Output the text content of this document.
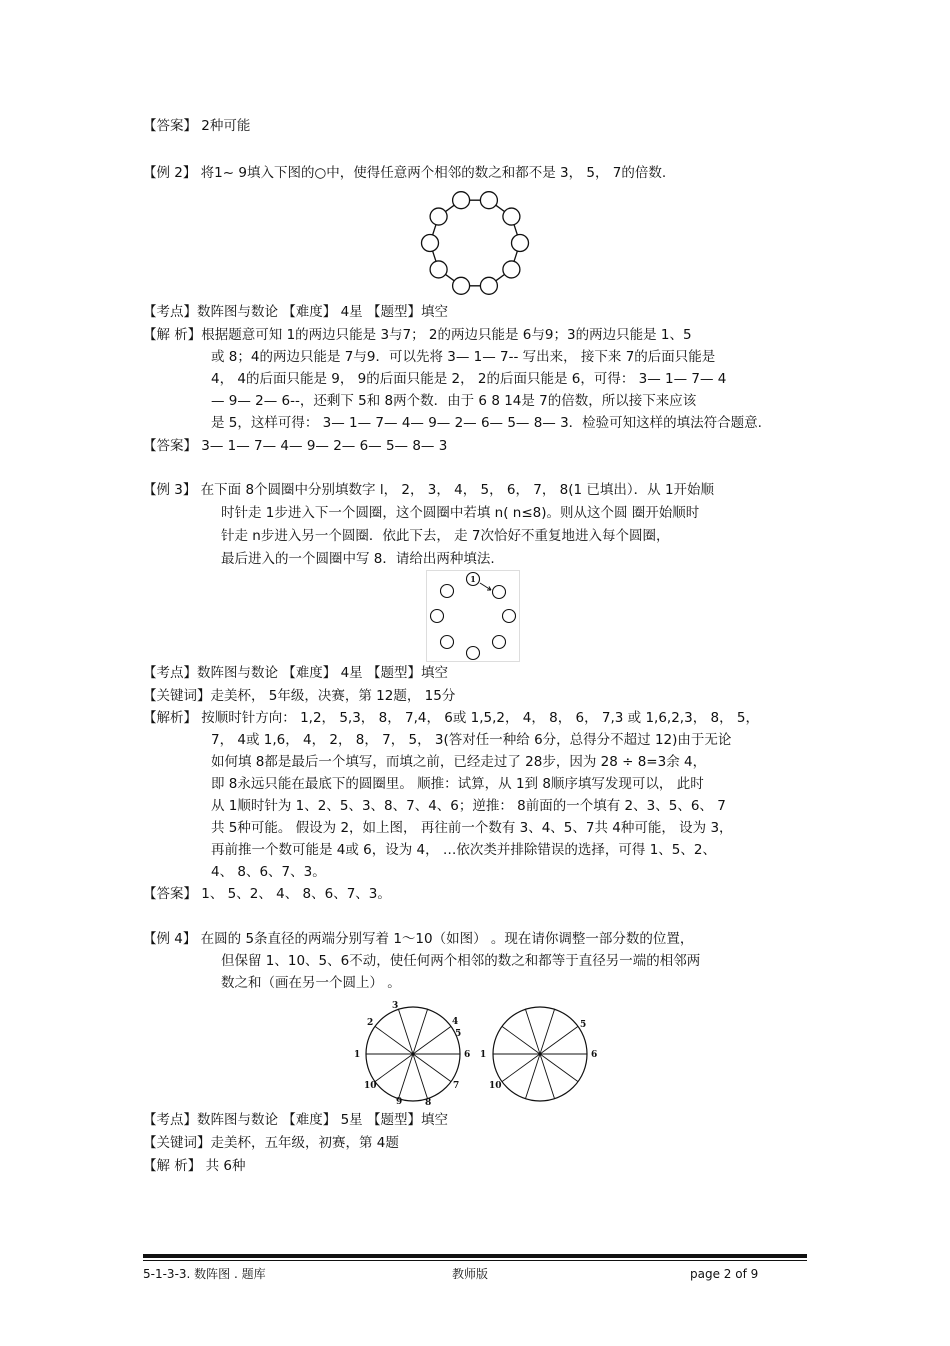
【答案】 2种可能
【例 2】 将1~ 9填入下图的○中，使得任意两个相邻的数之和都不是 3， 5， 7的倍数.
【考点】数阵图与数论 【难度】 4星 【题型】填空
【解 析】根据题意可知 1的两边只能是 3与7； 2的两边只能是 6与9；3的两边只能是 1、5
或 8；4的两边只能是 7与9．可以先将 3— 1— 7-- 写出来， 接下来 7的后面只能是
4， 4的后面只能是 9， 9的后面只能是 2， 2的后面只能是 6，可得： 3— 1— 7— 4
— 9— 2— 6--，还剩下 5和 8两个数．由于 6 8 14是 7的倍数，所以接下来应该
是 5，这样可得： 3— 1— 7— 4— 9— 2— 6— 5— 8— 3．检验可知这样的填法符合题意.
【答案】 3— 1— 7— 4— 9— 2— 6— 5— 8— 3
【例 3】 在下面 8个圆圈中分别填数字 l， 2， 3， 4， 5， 6， 7， 8(1 已填出）．从 1开始顺
时针走 1步进入下一个圆圈，这个圆圈中若填 n( n≤8)。则从这个圆 圈开始顺时
针走 n步进入另一个圆圈．依此下去， 走 7次恰好不重复地进入每个圆圈，
最后进入的一个圆圈中写 8．请给出两种填法.
1
【考点】数阵图与数论 【难度】 4星 【题型】填空
【关键词】走美杯， 5年级，决赛，第 12题， 15分
【解析】 按顺时针方向： 1,2， 5,3， 8， 7,4， 6或 1,5,2， 4， 8， 6， 7,3 或 1,6,2,3， 8， 5，
7， 4或 1,6， 4， 2， 8， 7， 5， 3(答对任一种给 6分，总得分不超过 12)由于无论
如何填 8都是最后一个填写，而填之前，已经走过了 28步，因为 28 ÷ 8=3余 4，
即 8永远只能在最底下的圆圈里。 顺推：试算，从 1到 8顺序填写发现可以， 此时
从 1顺时针为 1、2、5、3、8、7、4、6；逆推： 8前面的一个填有 2、3、5、6、 7
共 5种可能。 假设为 2，如上图， 再往前一个数有 3、4、5、7共 4种可能， 设为 3，
再前推一个数可能是 4或 6，设为 4， …依次类并排除错误的选择，可得 1、5、2、
4、 8、6、7、3。
【答案】 1、 5、2、 4、 8、6、7、3。
【例 4】 在圆的 5条直径的两端分别写着 1～10（如图） 。现在请你调整一部分数的位置，
但保留 1、10、5、6不动，使任何两个相邻的数之和都等于直径另一端的相邻两
数之和（画在另一个圆上） 。
1
2
3
4
5
6
7
8
9
10
1
5
6
10
【考点】数阵图与数论 【难度】 5星 【题型】填空
【关键词】走美杯，五年级，初赛，第 4题
【解 析】 共 6种
5-1-3-3. 数阵图 . 题库	教师版	page 2 of 9
